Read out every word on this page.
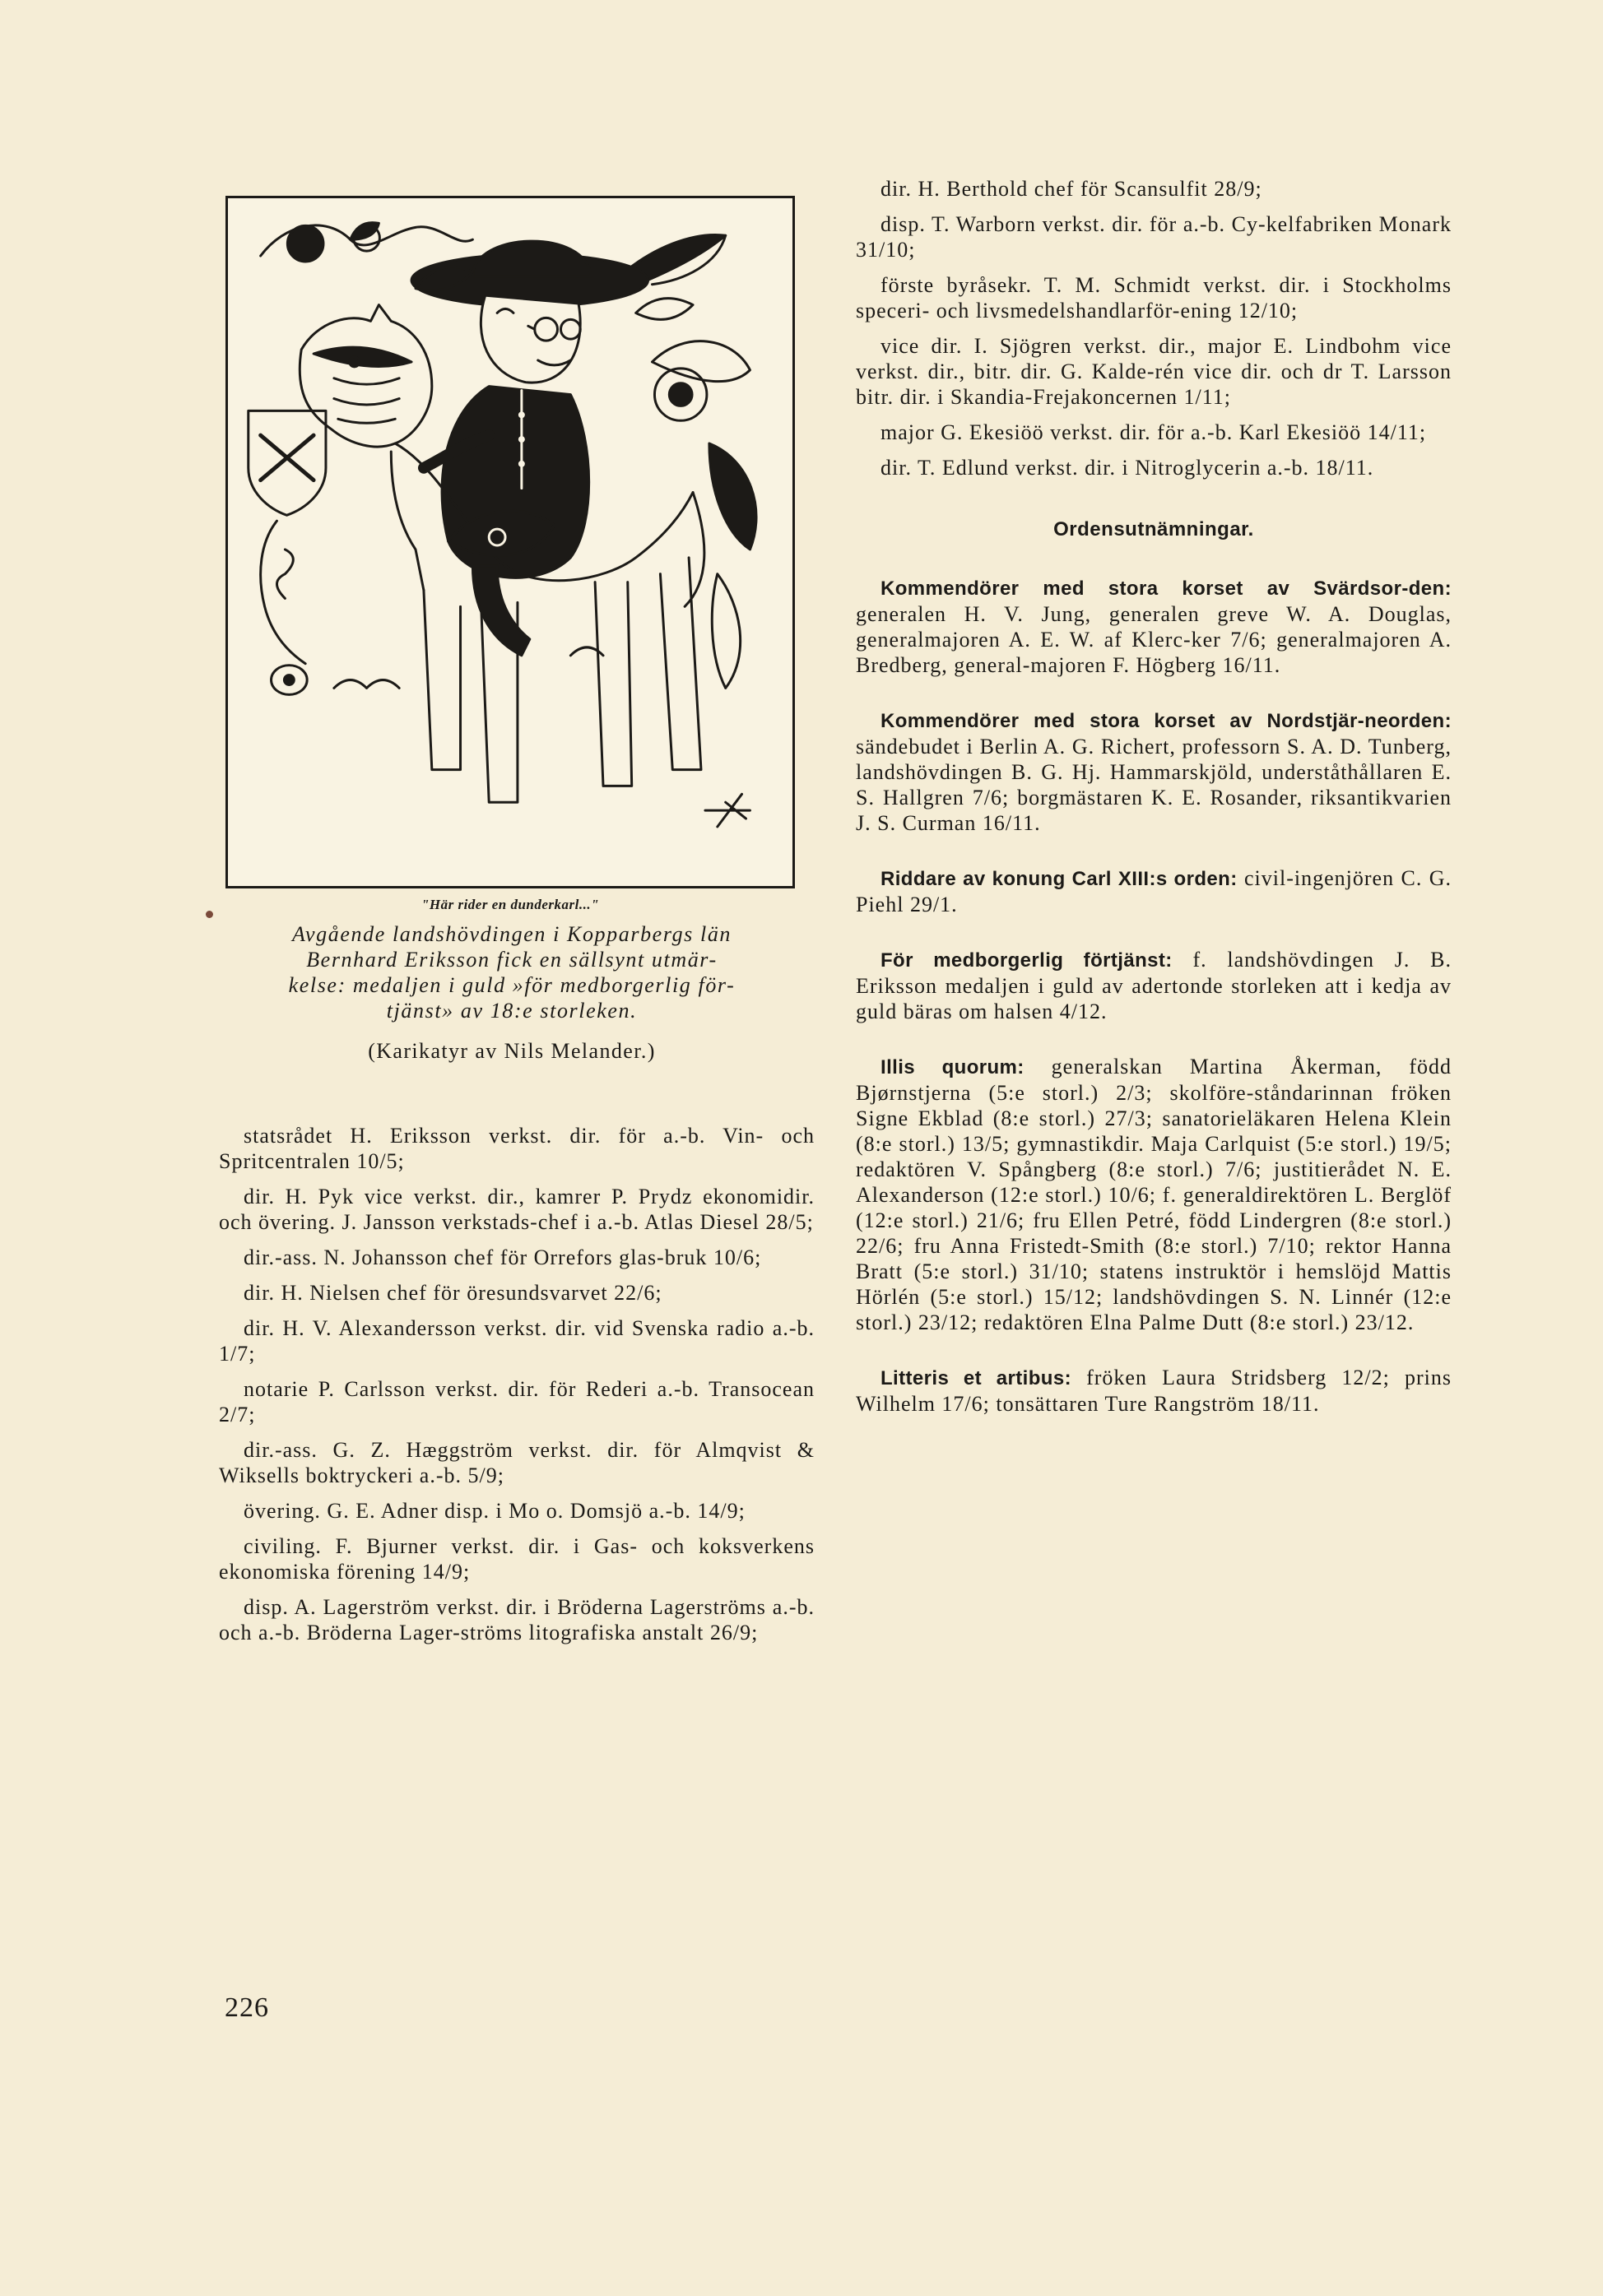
"Här rider en dunderkarl..."

Avgående landshövdingen i Kopparbergs län
Bernhard Eriksson fick en sällsynt utmär-
kelse: medaljen i guld »för medborgerlig för-
tjänst» av 18:e storleken.

(Karikatyr av Nils Melander.)

statsrådet H. Eriksson verkst. dir. för a.-b. Vin- och Spritcentralen 10/5;

dir. H. Pyk vice verkst. dir., kamrer P. Prydz ekonomidir. och övering. J. Jansson verkstads-chef i a.-b. Atlas Diesel 28/5;

dir.-ass. N. Johansson chef för Orrefors glas-bruk 10/6;

dir. H. Nielsen chef för öresundsvarvet 22/6;

dir. H. V. Alexandersson verkst. dir. vid Svenska radio a.-b. 1/7;

notarie P. Carlsson verkst. dir. för Rederi a.-b. Transocean 2/7;

dir.-ass. G. Z. Hæggström verkst. dir. för Almqvist & Wiksells boktryckeri a.-b. 5/9;

övering. G. E. Adner disp. i Mo o. Domsjö a.-b. 14/9;

civiling. F. Bjurner verkst. dir. i Gas- och koksverkens ekonomiska förening 14/9;

disp. A. Lagerström verkst. dir. i Bröderna Lagerströms a.-b. och a.-b. Bröderna Lager-ströms litografiska anstalt 26/9;

dir. H. Berthold chef för Scansulfit 28/9;

disp. T. Warborn verkst. dir. för a.-b. Cy-kelfabriken Monark 31/10;

förste byråsekr. T. M. Schmidt verkst. dir. i Stockholms speceri- och livsmedelshandlarför-ening 12/10;

vice dir. I. Sjögren verkst. dir., major E. Lindbohm vice verkst. dir., bitr. dir. G. Kalde-rén vice dir. och dr T. Larsson bitr. dir. i Skandia-Frejakoncernen 1/11;

major G. Ekesiöö verkst. dir. för a.-b. Karl Ekesiöö 14/11;

dir. T. Edlund verkst. dir. i Nitroglycerin a.-b. 18/11.

Ordensutnämningar.

Kommendörer med stora korset av Svärdsor-den: generalen H. V. Jung, generalen greve W. A. Douglas, generalmajoren A. E. W. af Klerc-ker 7/6; generalmajoren A. Bredberg, general-majoren F. Högberg 16/11.

Kommendörer med stora korset av Nordstjär-neorden: sändebudet i Berlin A. G. Richert, professorn S. A. D. Tunberg, landshövdingen B. G. Hj. Hammarskjöld, underståthållaren E. S. Hallgren 7/6; borgmästaren K. E. Rosander, riksantikvarien J. S. Curman 16/11.

Riddare av konung Carl XIII:s orden: civil-ingenjören C. G. Piehl 29/1.

För medborgerlig förtjänst: f. landshövdingen J. B. Eriksson medaljen i guld av adertonde storleken att i kedja av guld bäras om halsen 4/12.

Illis quorum: generalskan Martina Åkerman, född Bjørnstjerna (5:e storl.) 2/3; skolföre-ståndarinnan fröken Signe Ekblad (8:e storl.) 27/3; sanatorieläkaren Helena Klein (8:e storl.) 13/5; gymnastikdir. Maja Carlquist (5:e storl.) 19/5; redaktören V. Spångberg (8:e storl.) 7/6; justitierådet N. E. Alexanderson (12:e storl.) 10/6; f. generaldirektören L. Berglöf (12:e storl.) 21/6; fru Ellen Petré, född Lindergren (8:e storl.) 22/6; fru Anna Fristedt-Smith (8:e storl.) 7/10; rektor Hanna Bratt (5:e storl.) 31/10; statens instruktör i hemslöjd Mattis Hörlén (5:e storl.) 15/12; landshövdingen S. N. Linnér (12:e storl.) 23/12; redaktören Elna Palme Dutt (8:e storl.) 23/12.

Litteris et artibus: fröken Laura Stridsberg 12/2; prins Wilhelm 17/6; tonsättaren Ture Rangström 18/11.

226
